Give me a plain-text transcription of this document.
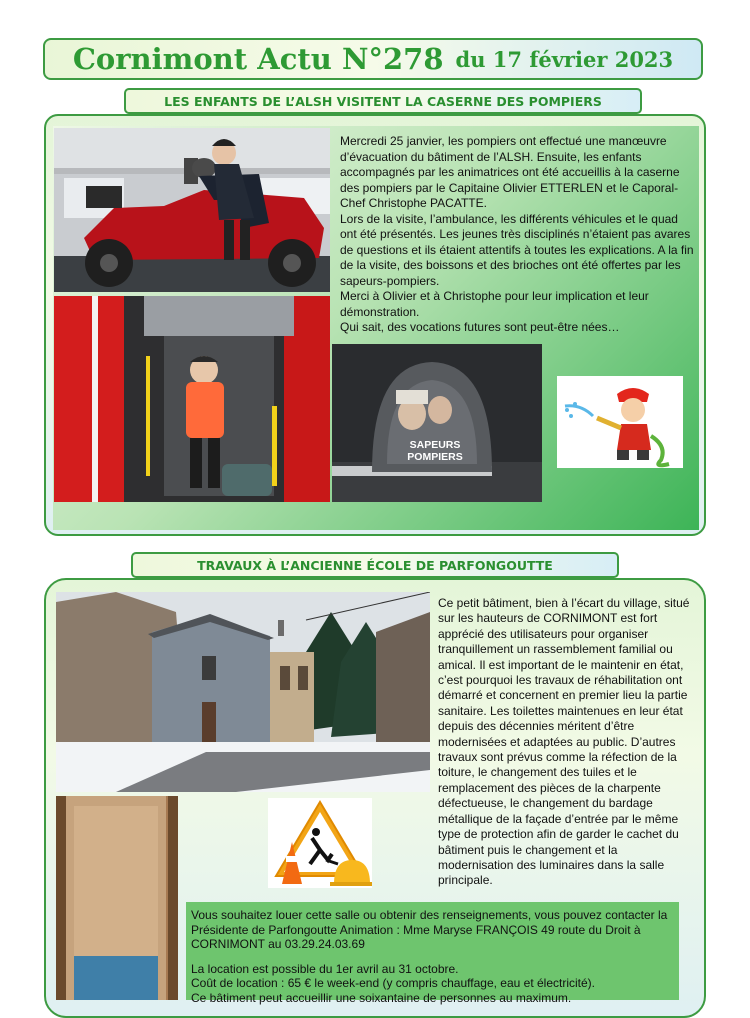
Cornimont Actu N°278 du 17 février 2023
LES ENFANTS DE L’ALSH VISITENT LA CASERNE DES POMPIERS

Mercredi 25 janvier, les pompiers ont effectué une manœuvre d’évacuation du bâtiment de l’ALSH. Ensuite, les enfants accompagnés par les animatrices ont été accueillis à la caserne des pompiers par le Capitaine Olivier ETTERLEN et le Caporal-Chef Christophe PACATTE.

Lors de la visite, l’ambulance, les différents véhicules et le quad ont été présentés. Les jeunes très disciplinés n’étaient pas avares de questions et ils étaient attentifs à toutes les explications. A la fin de la visite, des boissons et des brioches ont été offertes par les sapeurs-pompiers.

Merci à Olivier et à Christophe pour leur implication et leur démonstration.

Qui sait, des vocations futures sont peut-être nées…

SAPEURS POMPIERS
TRAVAUX À L’ANCIENNE ÉCOLE DE PARFONGOUTTE

Ce petit bâtiment, bien à l’écart du village, situé sur les hauteurs de CORNIMONT est fort apprécié des utilisateurs pour organiser tranquillement un rassemblement familial ou amical. Il est important de le maintenir en état, c’est pourquoi les travaux de réhabilitation ont démarré et concernent en premier lieu la partie sanitaire. Les toilettes maintenues en leur état depuis des décennies méritent d’être modernisées et adaptées au public. D’autres travaux sont prévus comme la réfection de la toiture, le changement des tuiles et le remplacement des pièces de la charpente défectueuse, le changement du bardage métallique de la façade d’entrée par le même type de protection afin de garder le cachet du bâtiment puis le changement et la modernisation des luminaires dans la salle principale.

Vous souhaitez louer cette salle ou obtenir des renseignements, vous pouvez contacter la Présidente de Parfongoutte Animation : Mme Maryse FRANÇOIS 49 route du Droit à CORNIMONT au 03.29.24.03.69

La location est possible du 1er avril au 31 octobre.

Coût de location : 65 € le week-end (y compris chauffage, eau et électricité).

Ce bâtiment peut accueillir une soixantaine de personnes au maximum.
